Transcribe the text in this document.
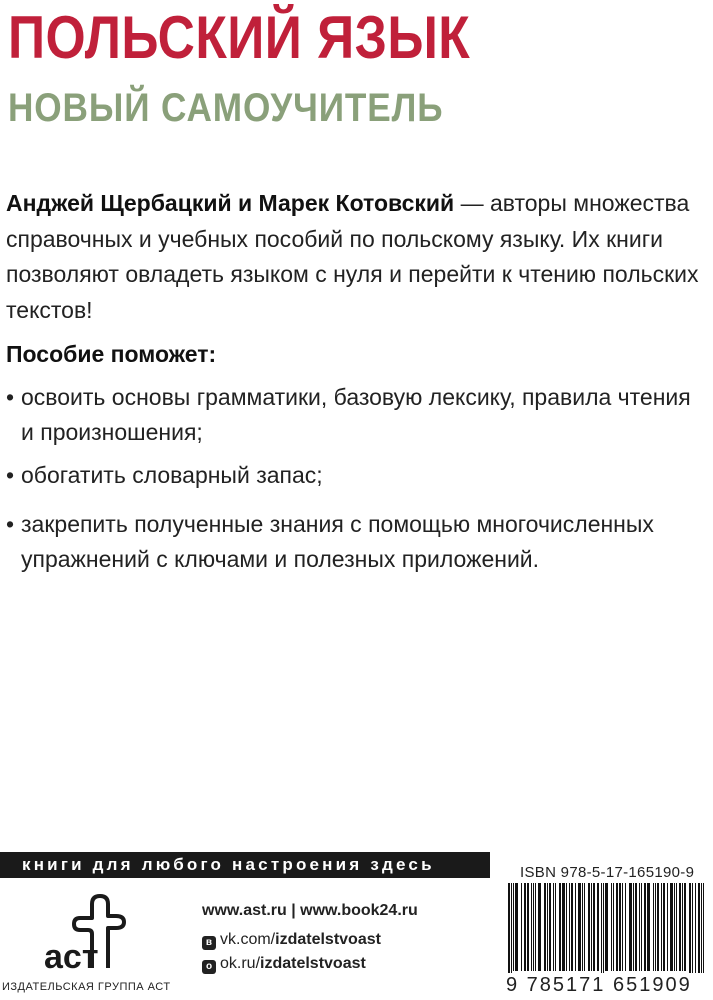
ПОЛЬСКИЙ ЯЗЫК
НОВЫЙ САМОУЧИТЕЛЬ

Анджей Щербацкий и Марек Котовский — авторы множества справочных и учебных пособий по польскому языку. Их книги позволяют овладеть языком с нуля и перейти к чтению польских текстов!

Пособие поможет:

• освоить основы грамматики, базовую лексику, правила чтения и произношения;
• обогатить словарный запас;
• закрепить полученные знания с помощью многочисленных упражнений с ключами и полезных приложений.
книги для любого настроения здесь
аст

ИЗДАТЕЛЬСКАЯ ГРУППА АСТ

www.ast.ru | www.book24.ru

в vk.com/izdatelstvoast
о ok.ru/izdatelstvoast

ISBN 978-5-17-165190-9

9 785171 651909
